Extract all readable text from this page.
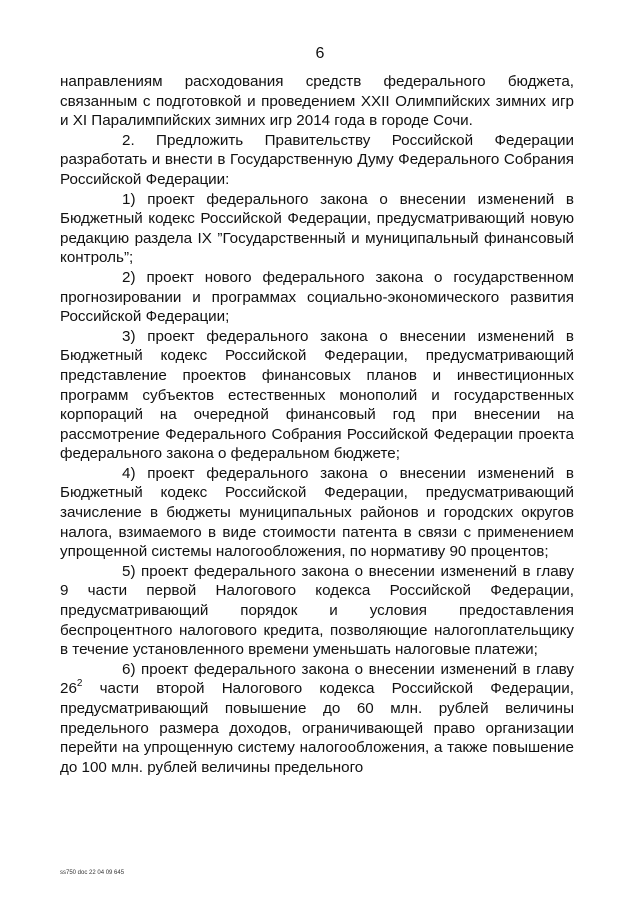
6

направлениям расходования средств федерального бюджета, связанным с подготовкой и проведением XXII Олимпийских зимних игр и XI Паралимпийских зимних игр 2014 года в городе Сочи.

2. Предложить Правительству Российской Федерации разработать и внести в Государственную Думу Федерального Собрания Российской Федерации:

1) проект федерального закона о внесении изменений в Бюджетный кодекс Российской Федерации, предусматривающий новую редакцию раздела IX ”Государственный и муниципальный финансовый контроль”;

2) проект нового федерального закона о государственном прогнозировании и программах социально-экономического развития Российской Федерации;

3) проект федерального закона о внесении изменений в Бюджетный кодекс Российской Федерации, предусматривающий представление проектов финансовых планов и инвестиционных программ субъектов естественных монополий и государственных корпораций на очередной финансовый год при внесении на рассмотрение Федерального Собрания Российской Федерации проекта федерального закона о федеральном бюджете;

4) проект федерального закона о внесении изменений в Бюджетный кодекс Российской Федерации, предусматривающий зачисление в бюджеты муниципальных районов и городских округов налога, взимаемого в виде стоимости патента в связи с применением упрощенной системы налогообложения, по нормативу 90 процентов;

5) проект федерального закона о внесении изменений в главу 9 части первой Налогового кодекса Российской Федерации, предусматривающий порядок и условия предоставления беспроцентного налогового кредита, позволяющие налогоплательщику в течение установленного времени уменьшать налоговые платежи;

6) проект федерального закона о внесении изменений в главу $26^2$ части второй Налогового кодекса Российской Федерации, предусматривающий повышение до 60 млн. рублей величины предельного размера доходов, ограничивающей право организации перейти на упрощенную систему налогообложения, а также повышение до 100 млн. рублей величины предельного

ss750 doc 22 04 09 645
